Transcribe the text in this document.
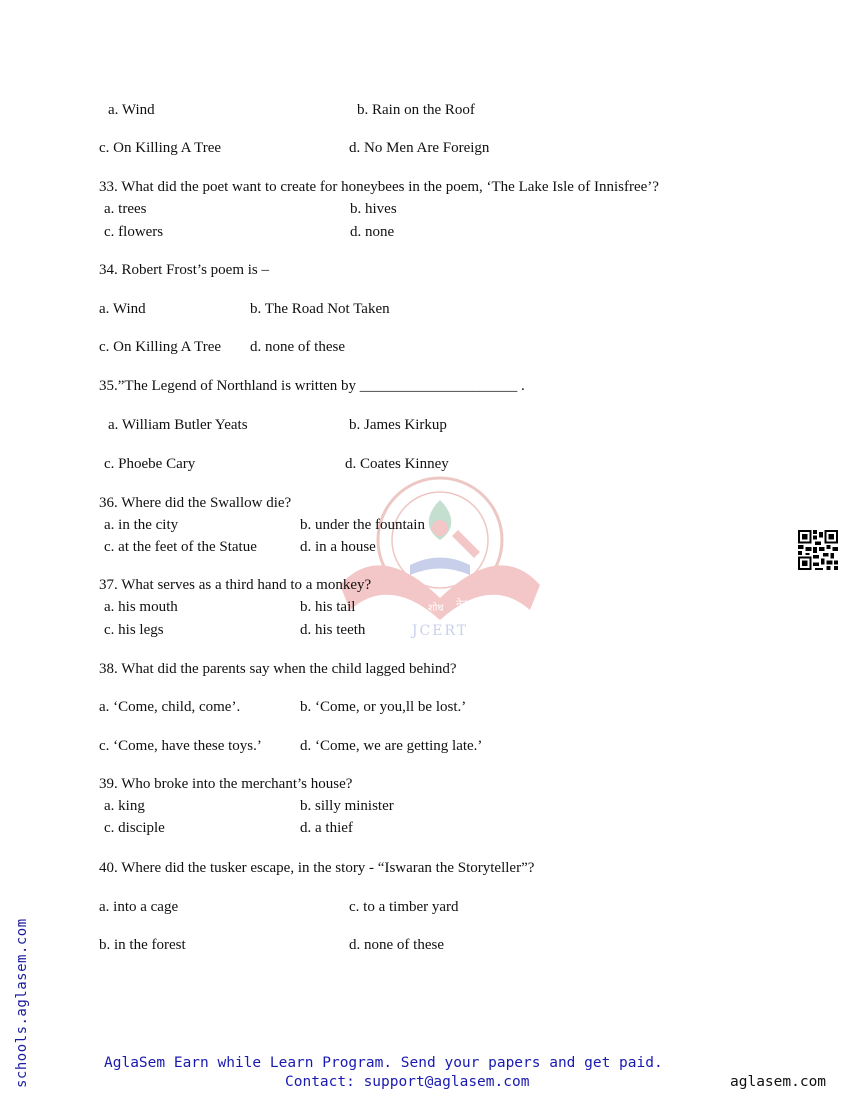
a. Wind	b. Rain on the Roof
c. On Killing A Tree	d. No Men Are Foreign
33. What did the poet want to create for honeybees in the poem, ‘The Lake Isle of Innisfree’?
a. trees	b. hives
c. flowers	d. none
34. Robert Frost’s poem is –
a. Wind	b. The Road Not Taken
c. On Killing A Tree d. none of these
35.”The Legend of Northland is written by _____________________ .
a. William Butler Yeats	b. James Kirkup
c. Phoebe Cary	d. Coates Kinney
अन्वेष शोध नेतृत्व
JCERT
36. Where did the Swallow die?
a. in the city	b. under the fountain
c. at the feet of the Statue	d. in a house
37. What serves as a third hand to a monkey?
a. his mouth	b. his tail
c. his legs	d. his teeth
38. What did the parents say when the child lagged behind?
a. ‘Come, child, come’.	b. ‘Come, or you,ll be lost.’
c. ‘Come, have these toys.’	d. ‘Come, we are getting late.’
39. Who broke into the merchant’s house?
a. king	b. silly minister
c. disciple	d. a thief
40. Where did the tusker escape, in the story - “Iswaran the Storyteller”?
a. into a cage	c. to a timber yard
b. in the forest	d. none of these
schools.aglasem.com	AglaSem Earn while Learn Program. Send your papers and get paid.
Contact: support@aglasem.com	aglasem.com
